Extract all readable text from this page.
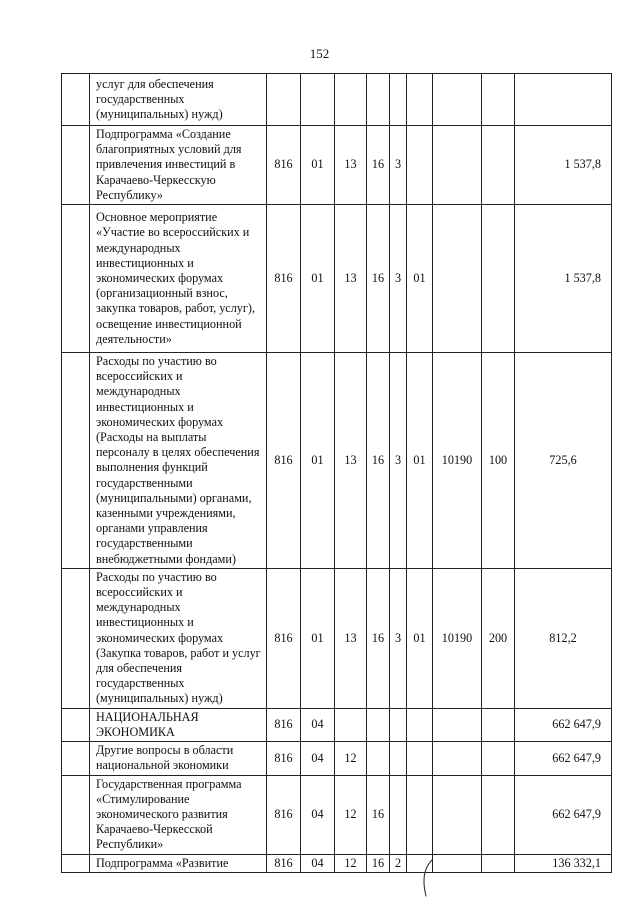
152
	услуг для обеспечения государственных (муниципальных) нужд)									
	Подпрограмма «Создание благоприятных условий для привлечения инвестиций в Карачаево-Черкесскую Республику»	816	01	13	16	3				1 537,8
	Основное мероприятие «Участие во всероссийских и международных инвестиционных и экономических форумах (организационный взнос, закупка товаров, работ, услуг), освещение инвестиционной деятельности»	816	01	13	16	3	01			1 537,8
	Расходы по участию во всероссийских и международных инвестиционных и экономических форумах (Расходы на выплаты персоналу в целях обеспечения выполнения функций государственными (муниципальными) органами, казенными учреждениями, органами управления государственными внебюджетными фондами)	816	01	13	16	3	01	10190	100	725,6
	Расходы по участию во всероссийских и международных инвестиционных и экономических форумах (Закупка товаров, работ и услуг для обеспечения государственных (муниципальных) нужд)	816	01	13	16	3	01	10190	200	812,2
	НАЦИОНАЛЬНАЯ ЭКОНОМИКА	816	04							662 647,9
	Другие вопросы в области национальной экономики	816	04	12						662 647,9
	Государственная программа «Стимулирование экономического развития Карачаево-Черкесской Республики»	816	04	12	16					662 647,9
	Подпрограмма «Развитие	816	04	12	16	2				136 332,1
